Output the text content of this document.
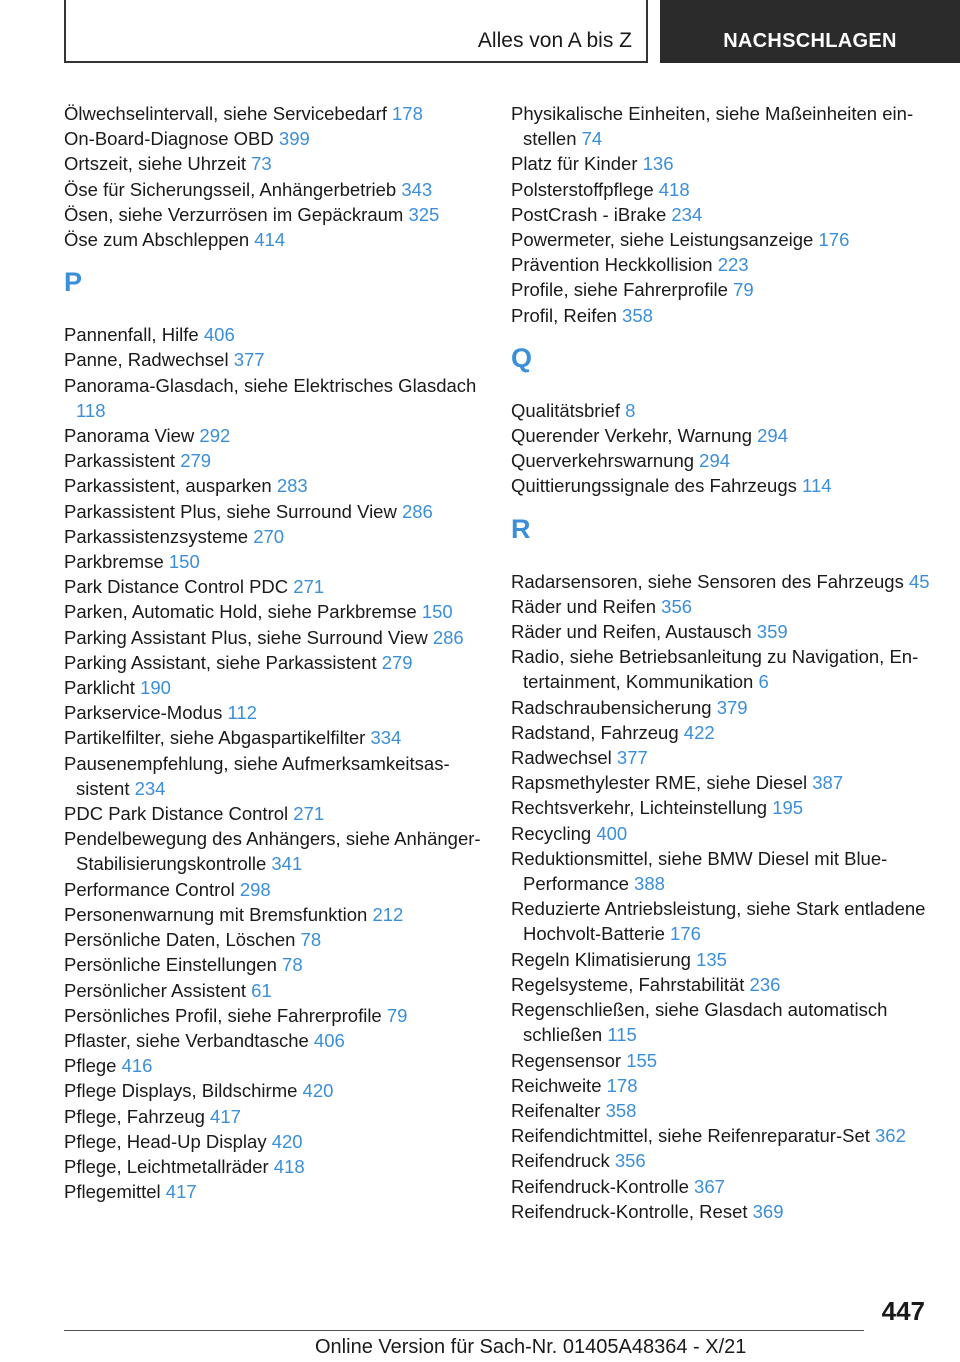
Alles von A bis Z	NACHSCHLAGEN
Ölwechselintervall, siehe Servicebedarf 178
On-Board-Diagnose OBD 399
Ortszeit, siehe Uhrzeit 73
Öse für Sicherungsseil, Anhängerbetrieb 343
Ösen, siehe Verzurrösen im Gepäckraum 325
Öse zum Abschleppen 414
P
Pannenfall, Hilfe 406
Panne, Radwechsel 377
Panorama-Glasdach, siehe Elektrisches Glasdach 118
Panorama View 292
Parkassistent 279
Parkassistent, ausparken 283
Parkassistent Plus, siehe Surround View 286
Parkassistenzsysteme 270
Parkbremse 150
Park Distance Control PDC 271
Parken, Automatic Hold, siehe Parkbremse 150
Parking Assistant Plus, siehe Surround View 286
Parking Assistant, siehe Parkassistent 279
Parklicht 190
Parkservice-Modus 112
Partikelfilter, siehe Abgaspartikelfilter 334
Pausenempfehlung, siehe Aufmerksamkeitsassistent 234
PDC Park Distance Control 271
Pendelbewegung des Anhängers, siehe Anhänger-Stabilisierungskontrolle 341
Performance Control 298
Personenwarnung mit Bremsfunktion 212
Persönliche Daten, Löschen 78
Persönliche Einstellungen 78
Persönlicher Assistent 61
Persönliches Profil, siehe Fahrerprofile 79
Pflaster, siehe Verbandtasche 406
Pflege 416
Pflege Displays, Bildschirme 420
Pflege, Fahrzeug 417
Pflege, Head-Up Display 420
Pflege, Leichtmetallräder 418
Pflegemittel 417
Physikalische Einheiten, siehe Maßeinheiten einstellen 74
Platz für Kinder 136
Polsterstoffpflege 418
PostCrash - iBrake 234
Powermeter, siehe Leistungsanzeige 176
Prävention Heckkollision 223
Profile, siehe Fahrerprofile 79
Profil, Reifen 358
Q
Qualitätsbrief 8
Querender Verkehr, Warnung 294
Querverkehrswarnung 294
Quittierungssignale des Fahrzeugs 114
R
Radarsensoren, siehe Sensoren des Fahrzeugs 45
Räder und Reifen 356
Räder und Reifen, Austausch 359
Radio, siehe Betriebsanleitung zu Navigation, Entertainment, Kommunikation 6
Radschraubensicherung 379
Radstand, Fahrzeug 422
Radwechsel 377
Rapsmethylester RME, siehe Diesel 387
Rechtsverkehr, Lichteinstellung 195
Recycling 400
Reduktionsmittel, siehe BMW Diesel mit BluePerformance 388
Reduzierte Antriebsleistung, siehe Stark entladene Hochvolt-Batterie 176
Regeln Klimatisierung 135
Regelsysteme, Fahrstabilität 236
Regenschließen, siehe Glasdach automatisch schließen 115
Regensensor 155
Reichweite 178
Reifenalter 358
Reifendichtmittel, siehe Reifenreparatur-Set 362
Reifendruck 356
Reifendruck-Kontrolle 367
Reifendruck-Kontrolle, Reset 369
447
Online Version für Sach-Nr. 01405A48364 - X/21
